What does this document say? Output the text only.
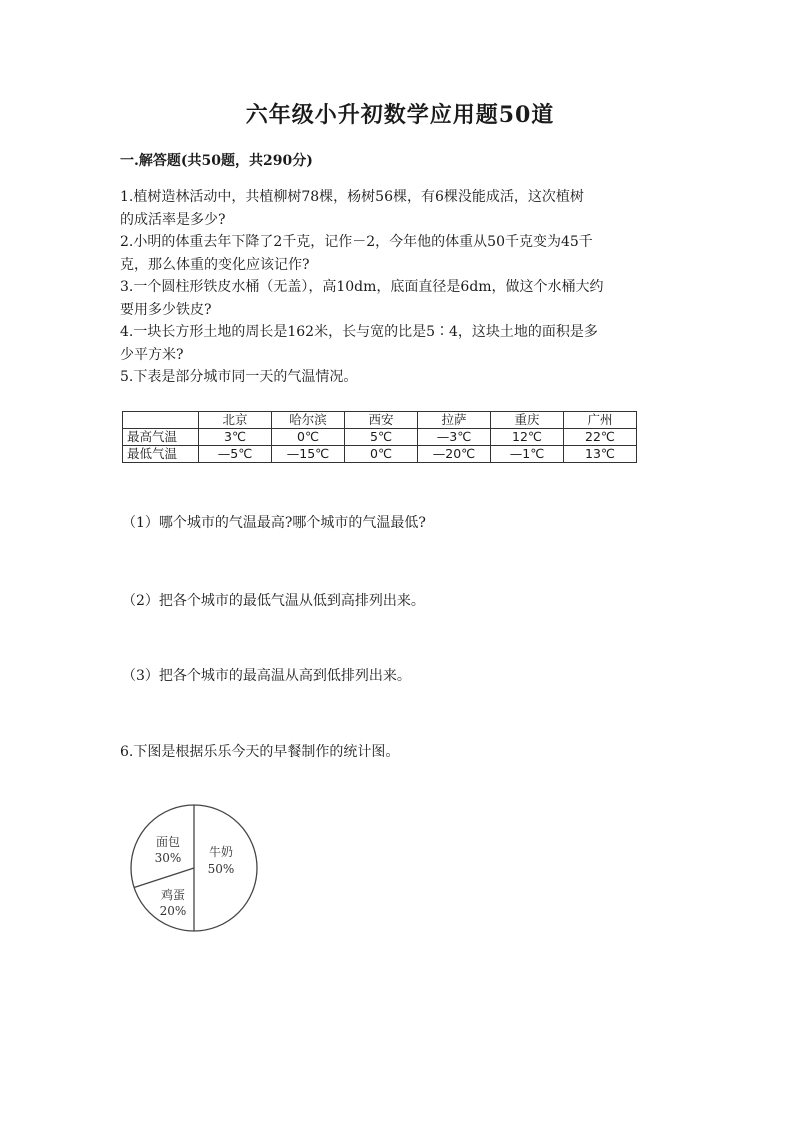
六年级小升初数学应用题50道
一.解答题(共50题，共290分)

1.植树造林活动中，共植柳树78棵，杨树56棵，有6棵没能成活，这次植树

的成活率是多少?

2.小明的体重去年下降了2千克，记作－2，今年他的体重从50千克变为45千

克，那么体重的变化应该记作?

3.一个圆柱形铁皮水桶（无盖），高10dm，底面直径是6dm，做这个水桶大约

要用多少铁皮?

4.一块长方形土地的周长是162米，长与宽的比是5∶4，这块土地的面积是多

少平方米?

5.下表是部分城市同一天的气温情况。

	北京	哈尔滨	西安	拉萨	重庆	广州
最高气温	3℃	0℃	5℃	—3℃	12℃	22℃
最低气温	—5℃	—15℃	0℃	—20℃	—1℃	13℃
（1）哪个城市的气温最高?哪个城市的气温最低?
（2）把各个城市的最低气温从低到高排列出来。
（3）把各个城市的最高温从高到低排列出来。
6.下图是根据乐乐今天的早餐制作的统计图。
牛奶
50%
鸡蛋
20%
面包
30%
